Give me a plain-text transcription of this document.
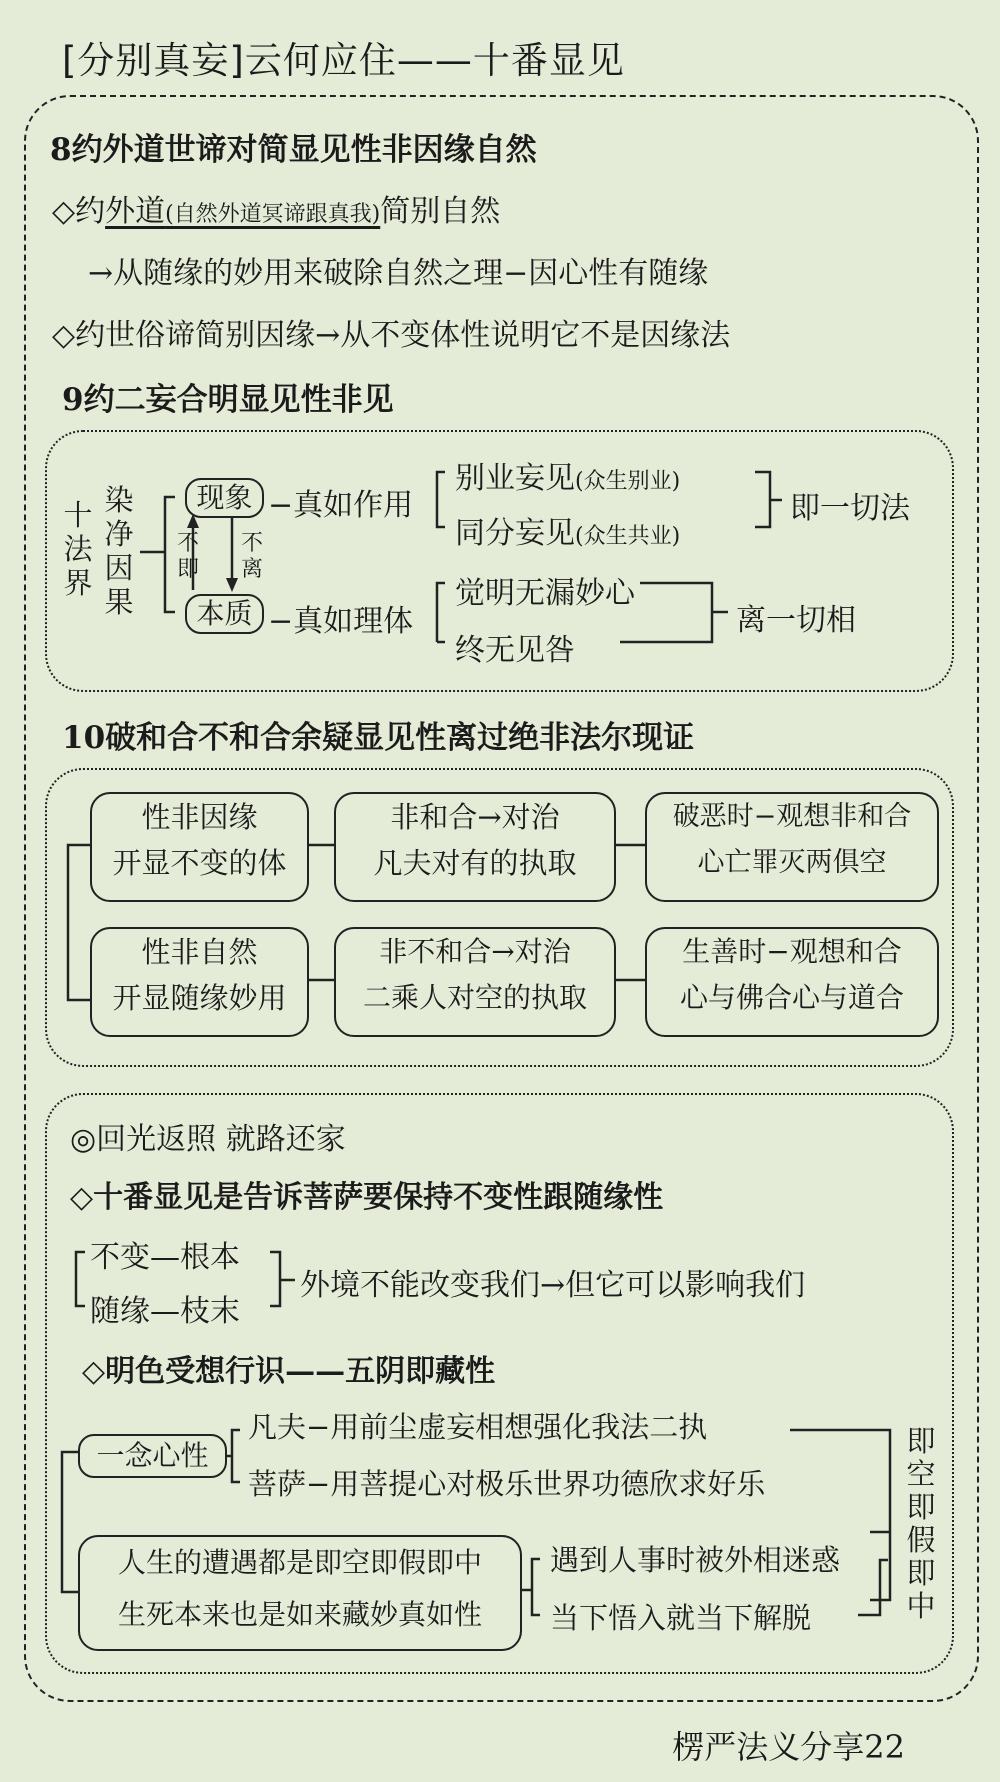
[分别真妄]云何应住——十番显见
8约外道世谛对简显见性非因缘自然
◇约外道(自然外道冥谛跟真我)简别自然
→从随缘的妙用来破除自然之理−因心性有随缘
◇约世俗谛简别因缘→从不变体性说明它不是因缘法
9约二妄合明显见性非见
十法界
染净因果
现象
本质
不即
不离
−真如作用
−真如理体
别业妄见(众生别业)
同分妄见(众生共业)
觉明无漏妙心
终无见咎
即一切法
离一切相
10破和合不和合余疑显见性离过绝非法尔现证
性非因缘
开显不变的体
非和合→对治
凡夫对有的执取
破恶时−观想非和合
心亡罪灭两俱空
性非自然
开显随缘妙用
非不和合→对治
二乘人对空的执取
生善时−观想和合
心与佛合心与道合
◎回光返照 就路还家
◇十番显见是告诉菩萨要保持不变性跟随缘性
不变—根本
随缘—枝末
外境不能改变我们→但它可以影响我们
◇明色受想行识——五阴即藏性
一念心性
凡夫−用前尘虚妄相想强化我法二执
菩萨−用菩提心对极乐世界功德欣求好乐
人生的遭遇都是即空即假即中
生死本来也是如来藏妙真如性
遇到人事时被外相迷惑
当下悟入就当下解脱
即空即假即中
楞严法义分享22
